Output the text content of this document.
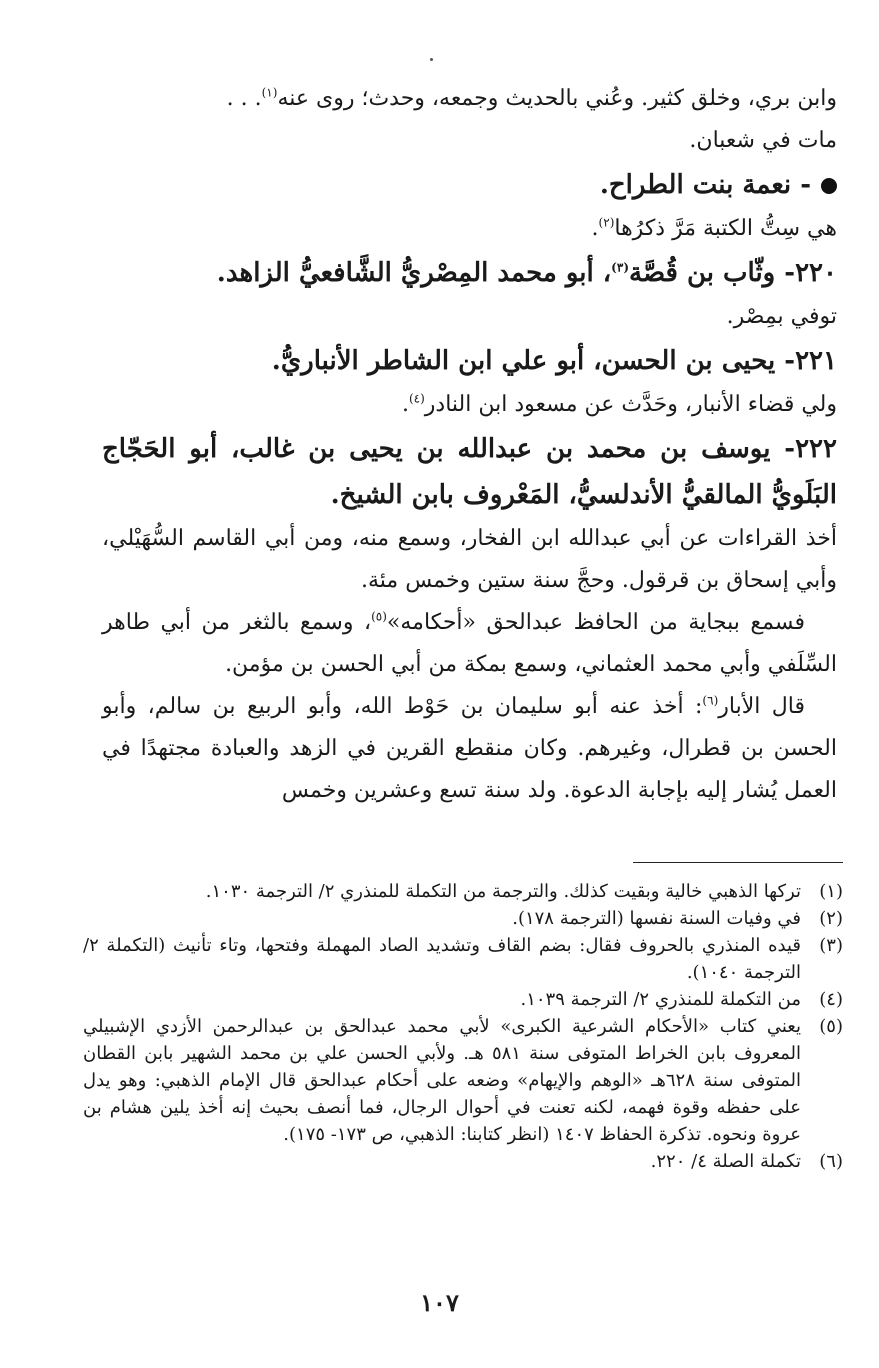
وابن بري، وخلق كثير. وعُني بالحديث وجمعه، وحدث؛ روى عنه$^{(١)}$. . .

مات في شعبان.

- نعمة بنت الطراح.

هي سِتُّ الكتبة مَرَّ ذكرُها$^{(٢)}$.

٢٢٠- وثّاب بن قُصَّة$^{(٣)}$، أبو محمد المِصْريُّ الشَّافعيُّ الزاهد.

توفي بمِصْر.

٢٢١- يحيى بن الحسن، أبو علي ابن الشاطر الأنباريُّ.

ولي قضاء الأنبار، وحَدَّث عن مسعود ابن النادر$^{(٤)}$.

٢٢٢- يوسف بن محمد بن عبدالله بن يحيى بن غالب، أبو الحَجّاج البَلَويُّ المالقيُّ الأندلسيُّ، المَعْروف بابن الشيخ.

أخذ القراءات عن أبي عبدالله ابن الفخار، وسمع منه، ومن أبي القاسم السُّهَيْلي، وأبي إسحاق بن قرقول. وحجَّ سنة ستين وخمس مئة.

فسمع ببجاية من الحافظ عبدالحق «أحكامه»$^{(٥)}$، وسمع بالثغر من أبي طاهر السِّلَفي وأبي محمد العثماني، وسمع بمكة من أبي الحسن بن مؤمن.

قال الأبار$^{(٦)}$: أخذ عنه أبو سليمان بن حَوْط الله، وأبو الربيع بن سالم، وأبو الحسن بن قطرال، وغيرهم. وكان منقطع القرين في الزهد والعبادة مجتهدًا في العمل يُشار إليه بإجابة الدعوة. ولد سنة تسع وعشرين وخمس

(١)
تركها الذهبي خالية وبقيت كذلك. والترجمة من التكملة للمنذري ٢/ الترجمة ١٠٣٠.
(٢)
في وفيات السنة نفسها (الترجمة ١٧٨).
(٣)
قيده المنذري بالحروف فقال: بضم القاف وتشديد الصاد المهملة وفتحها، وتاء تأنيث (التكملة ٢/ الترجمة ١٠٤٠).
(٤)
من التكملة للمنذري ٢/ الترجمة ١٠٣٩.
(٥)
يعني كتاب «الأحكام الشرعية الكبرى» لأبي محمد عبدالحق بن عبدالرحمن الأزدي الإشبيلي المعروف بابن الخراط المتوفى سنة ٥٨١ هـ. ولأبي الحسن علي بن محمد الشهير بابن القطان المتوفى سنة ٦٢٨هـ «الوهم والإيهام» وضعه على أحكام عبدالحق قال الإمام الذهبي: وهو يدل على حفظه وقوة فهمه، لكنه تعنت في أحوال الرجال، فما أنصف بحيث إنه أخذ يلين هشام بن عروة ونحوه. تذكرة الحفاظ ١٤٠٧ (انظر كتابنا: الذهبي، ص ١٧٣- ١٧٥).
(٦)
تكملة الصلة ٤/ ٢٢٠.
١٠٧
